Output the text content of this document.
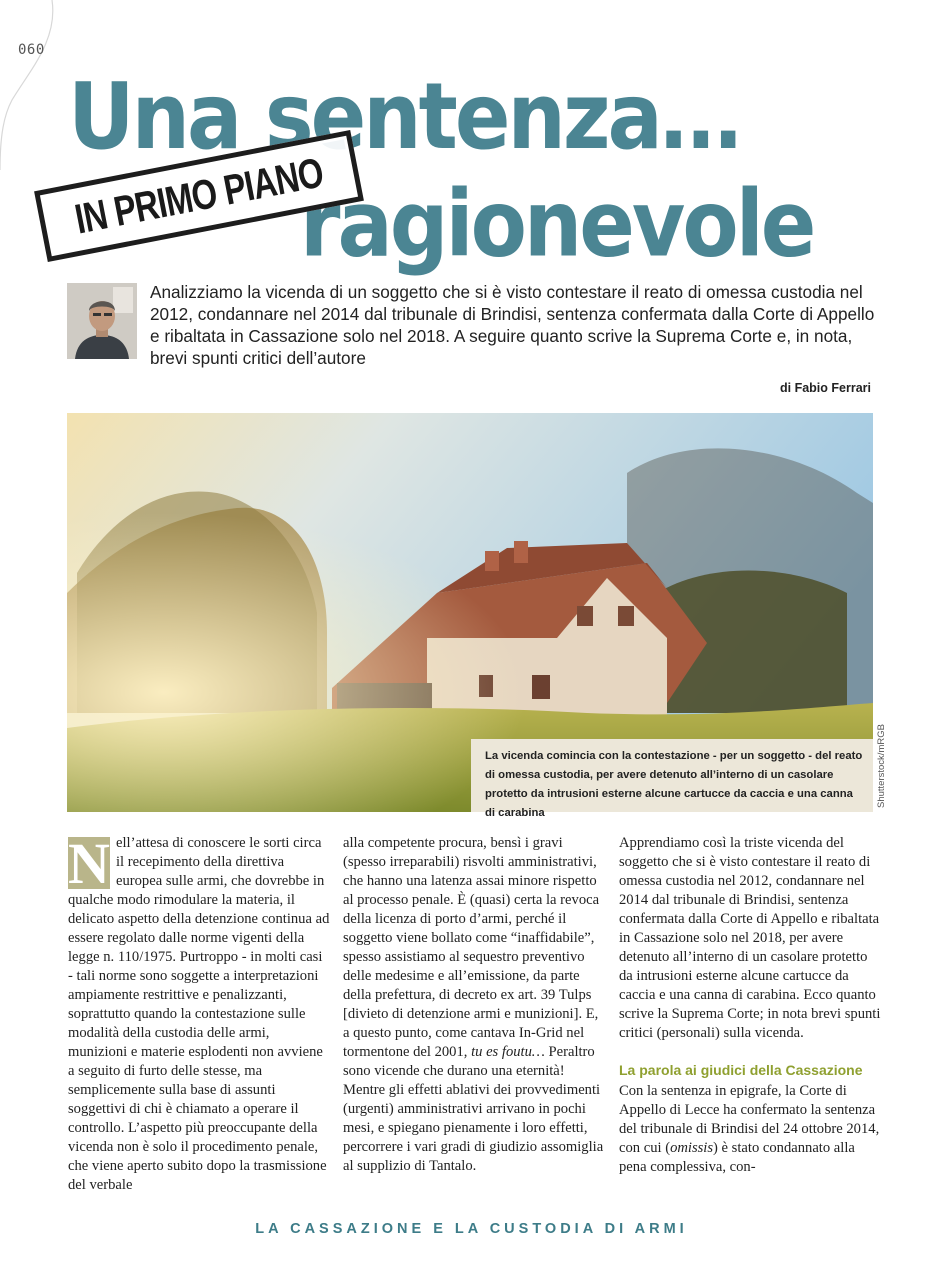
060
Una sentenza…
ragionevole
IN PRIMO PIANO

Analizziamo la vicenda di un soggetto che si è visto contestare il reato di omessa custodia nel 2012, condannare nel 2014 dal tribunale di Brindisi, sentenza confermata dalla Corte di Appello e ribaltata in Cassazione solo nel 2018. A seguire quanto scrive la Suprema Corte e, in nota, brevi spunti critici dell’autore

di Fabio Ferrari
La vicenda comincia con la contestazione - per un soggetto - del reato di omessa custodia, per avere detenuto all’interno di un casolare protetto da intrusioni esterne alcune cartucce da caccia e una canna di carabina
Shutterstock/mRGB
N ell’attesa di conoscere le sorti circa il recepimento della direttiva europea sulle armi, che dovrebbe in qualche modo rimodulare la materia, il delicato aspetto della detenzione continua ad essere regolato dalle norme vigenti della legge n. 110/1975. Purtroppo - in molti casi - tali norme sono soggette a interpretazioni ampiamente restrittive e penalizzanti, soprattutto quando la contestazione sulle modalità della custodia delle armi, munizioni e materie esplodenti non avviene a seguito di furto delle stesse, ma semplicemente sulla base di assunti soggettivi di chi è chiamato a operare il controllo. L’aspetto più preoccupante della vicenda non è solo il procedimento penale, che viene aperto subito dopo la trasmissione del verbale

alla competente procura, bensì i gravi (spesso irreparabili) risvolti amministrativi, che hanno una latenza assai minore rispetto al processo penale. È (quasi) certa la revoca della licenza di porto d’armi, perché il soggetto viene bollato come “inaffidabile”, spesso assistiamo al sequestro preventivo delle medesime e all’emissione, da parte della prefettura, di decreto ex art. 39 Tulps [divieto di detenzione armi e munizioni]. E, a questo punto, come cantava In-Grid nel tormentone del 2001, tu es foutu… Peraltro sono vicende che durano una eternità! Mentre gli effetti ablativi dei provvedimenti (urgenti) amministrativi arrivano in pochi mesi, e spiegano pienamente i loro effetti, percorrere i vari gradi di giudizio assomiglia al supplizio di Tantalo.

Apprendiamo così la triste vicenda del soggetto che si è visto contestare il reato di omessa custodia nel 2012, condannare nel 2014 dal tribunale di Brindisi, sentenza confermata dalla Corte di Appello e ribaltata in Cassazione solo nel 2018, per avere detenuto all’interno di un casolare protetto da intrusioni esterne alcune cartucce da caccia e una canna di carabina. Ecco quanto scrive la Suprema Corte; in nota brevi spunti critici (personali) sulla vicenda.

La parola ai giudici della Cassazione

Con la sentenza in epigrafe, la Corte di Appello di Lecce ha confermato la sentenza del tribunale di Brindisi del 24 ottobre 2014, con cui (omissis) è stato condannato alla pena complessiva, con-

LA CASSAZIONE E LA CUSTODIA DI ARMI
